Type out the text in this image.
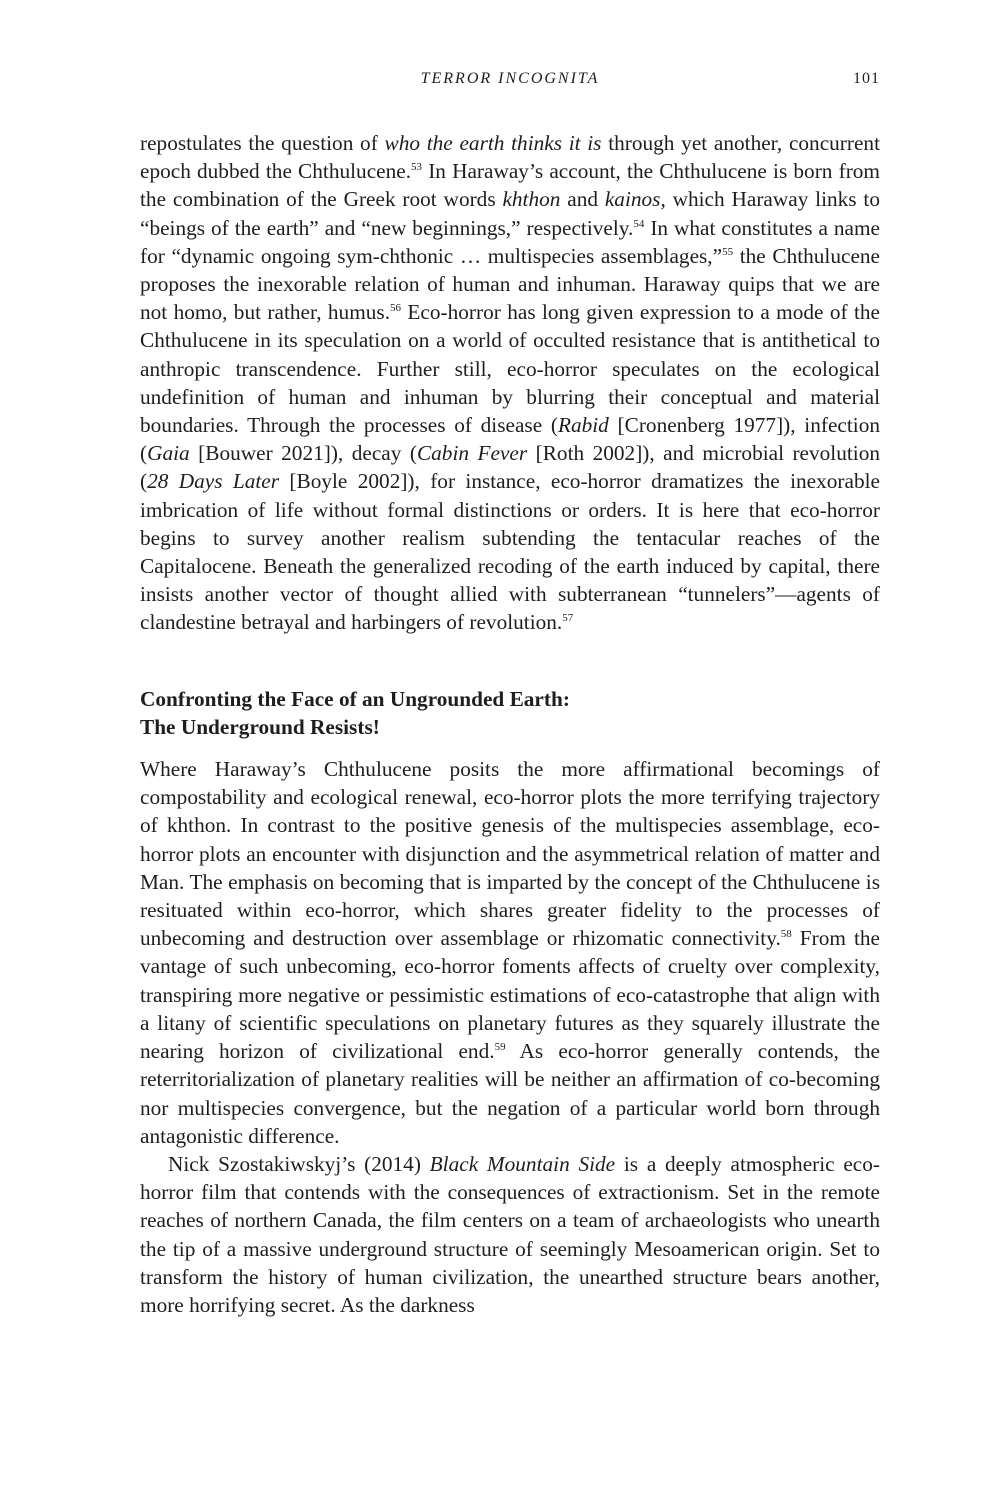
TERROR INCOGNITA	101

repostulates the question of who the earth thinks it is through yet another, concurrent epoch dubbed the Chthulucene.$^{53}$ In Haraway’s account, the Chthulucene is born from the combination of the Greek root words khthon and kainos, which Haraway links to “beings of the earth” and “new beginnings,” respectively.$^{54}$ In what constitutes a name for “dynamic ongoing sym-chthonic … multispecies assemblages,”$^{55}$ the Chthulucene proposes the inexorable relation of human and inhuman. Haraway quips that we are not homo, but rather, humus.$^{56}$ Eco-horror has long given expression to a mode of the Chthulucene in its speculation on a world of occulted resistance that is antithetical to anthropic transcendence. Further still, eco-horror speculates on the ecological undefinition of human and inhuman by blurring their conceptual and material boundaries. Through the processes of disease (Rabid [Cronenberg 1977]), infection (Gaia [Bouwer 2021]), decay (Cabin Fever [Roth 2002]), and microbial revolution (28 Days Later [Boyle 2002]), for instance, eco-horror dramatizes the inexorable imbrication of life without formal distinctions or orders. It is here that eco-horror begins to survey another realism subtending the tentacular reaches of the Capitalocene. Beneath the generalized recoding of the earth induced by capital, there insists another vector of thought allied with subterranean “tunnelers”—agents of clandestine betrayal and harbingers of revolution.$^{57}$

Confronting the Face of an Ungrounded Earth:
The Underground Resists!

Where Haraway’s Chthulucene posits the more affirmational becomings of compostability and ecological renewal, eco-horror plots the more terrifying trajectory of khthon. In contrast to the positive genesis of the multispecies assemblage, eco-horror plots an encounter with disjunction and the asymmetrical relation of matter and Man. The emphasis on becoming that is imparted by the concept of the Chthulucene is resituated within eco-horror, which shares greater fidelity to the processes of unbecoming and destruction over assemblage or rhizomatic connectivity.$^{58}$ From the vantage of such unbecoming, eco-horror foments affects of cruelty over complexity, transpiring more negative or pessimistic estimations of eco-catastrophe that align with a litany of scientific speculations on planetary futures as they squarely illustrate the nearing horizon of civilizational end.$^{59}$ As eco-horror generally contends, the reterritorialization of planetary realities will be neither an affirmation of co-becoming nor multispecies convergence, but the negation of a particular world born through antagonistic difference.

Nick Szostakiwskyj’s (2014) Black Mountain Side is a deeply atmospheric eco-horror film that contends with the consequences of extractionism. Set in the remote reaches of northern Canada, the film centers on a team of archaeologists who unearth the tip of a massive underground structure of seemingly Mesoamerican origin. Set to transform the history of human civilization, the unearthed structure bears another, more horrifying secret. As the darkness
